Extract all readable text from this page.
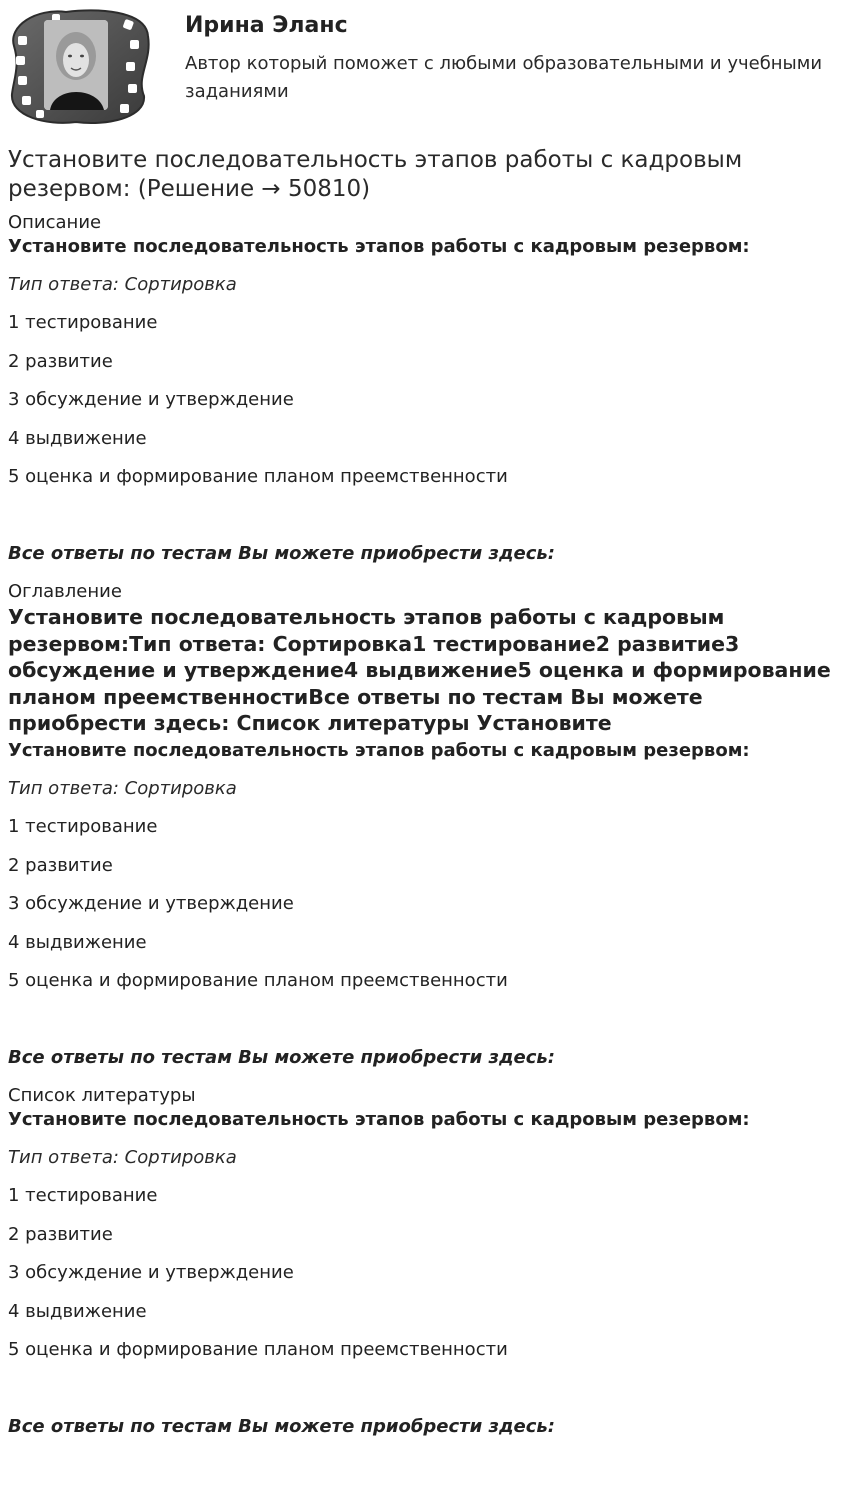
Ирина Эланс
Автор который поможет с любыми образовательными и учебными заданиями
Установите последовательность этапов работы с кадровым резервом: (Решение → 50810)

Описание

Установите последовательность этапов работы с кадровым резервом:

Тип ответа: Сортировка

1 тестирование

2 развитие

3 обсуждение и утверждение

4 выдвижение

5 оценка и формирование планом преемственности

Все ответы по тестам Вы можете приобрести здесь:

Оглавление

Установите последовательность этапов работы с кадровым резервом:Тип ответа: Сортировка1 тестирование2 развитие3 обсуждение и утверждение4 выдвижение5 оценка и формирование планом преемственностиВсе ответы по тестам Вы можете приобрести здесь: Список литературы Установите

Установите последовательность этапов работы с кадровым резервом:

Тип ответа: Сортировка

1 тестирование

2 развитие

3 обсуждение и утверждение

4 выдвижение

5 оценка и формирование планом преемственности

Все ответы по тестам Вы можете приобрести здесь:

Список литературы

Установите последовательность этапов работы с кадровым резервом:

Тип ответа: Сортировка

1 тестирование

2 развитие

3 обсуждение и утверждение

4 выдвижение

5 оценка и формирование планом преемственности

Все ответы по тестам Вы можете приобрести здесь:
